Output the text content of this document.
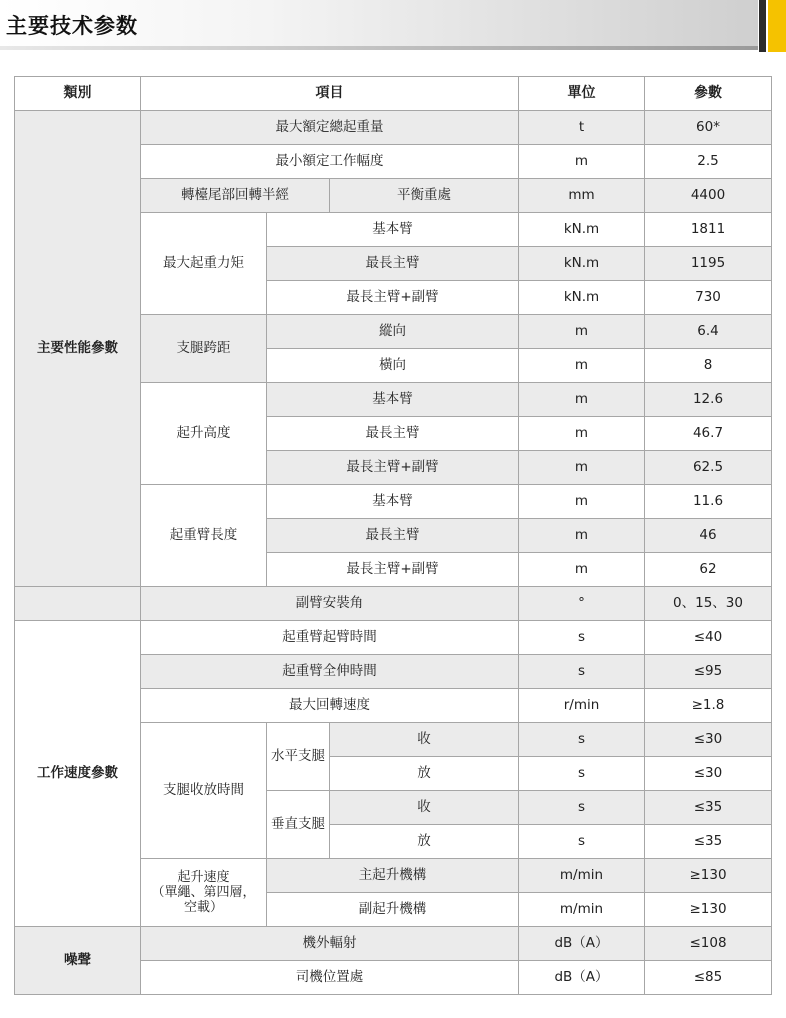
主要技术参数
類別	項目			單位	參數
主要性能參數	最大額定總起重量			t	60*
	最小額定工作幅度			m	2.5
	轉檯尾部回轉半經		平衡重處	mm	4400
	最大起重力矩	基本臂		kN.m	1811
		最長主臂		kN.m	1195
		最長主臂+副臂		kN.m	730
	支腿跨距	縱向		m	6.4
		橫向		m	8
	起升高度	基本臂		m	12.6
		最長主臂		m	46.7
		最長主臂+副臂		m	62.5
	起重臂長度	基本臂		m	11.6
		最長主臂		m	46
		最長主臂+副臂		m	62
	副臂安裝角			°	0、15、30
工作速度參數	起重臂起臂時間			s	≤40
	起重臂全伸時間			s	≤95
	最大回轉速度			r/min	≥1.8
	支腿收放時間	水平支腿	收	s	≤30
			放	s	≤30
		垂直支腿	收	s	≤35
			放	s	≤35

	起升速度
（單繩、第四層，
空載）	主起升機構		m/min	≥130
		副起升機構		m/min	≥130
噪聲	機外輻射			dB（A）	≤108
	司機位置處			dB（A）	≤85
